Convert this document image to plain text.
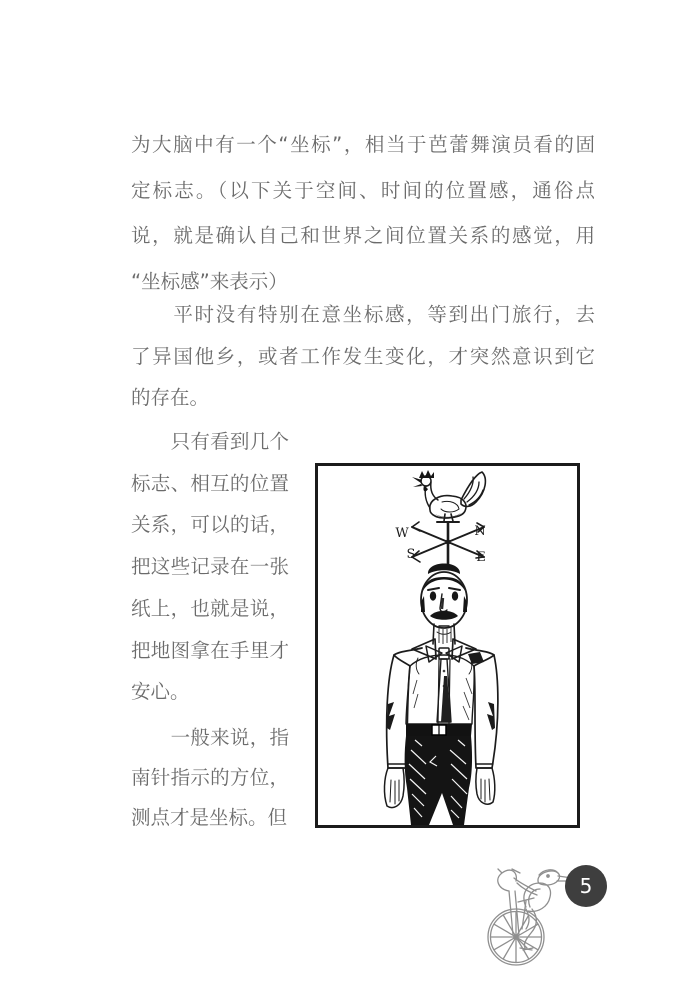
为大脑中有一个“坐标”，相当于芭蕾舞演员看的固
定标志。（以下关于空间、时间的位置感，通俗点
说，就是确认自己和世界之间位置关系的感觉，用
“坐标感”来表示）
　　平时没有特别在意坐标感，等到出门旅行，去
了异国他乡，或者工作发生变化，才突然意识到它
的存在。
　　只有看到几个
标志、相互的位置
关系，可以的话，
把这些记录在一张
纸上，也就是说，
把地图拿在手里才
安心。
　　一般来说，指
南针指示的方位，
测点才是坐标。但
W	N
S	E
5
